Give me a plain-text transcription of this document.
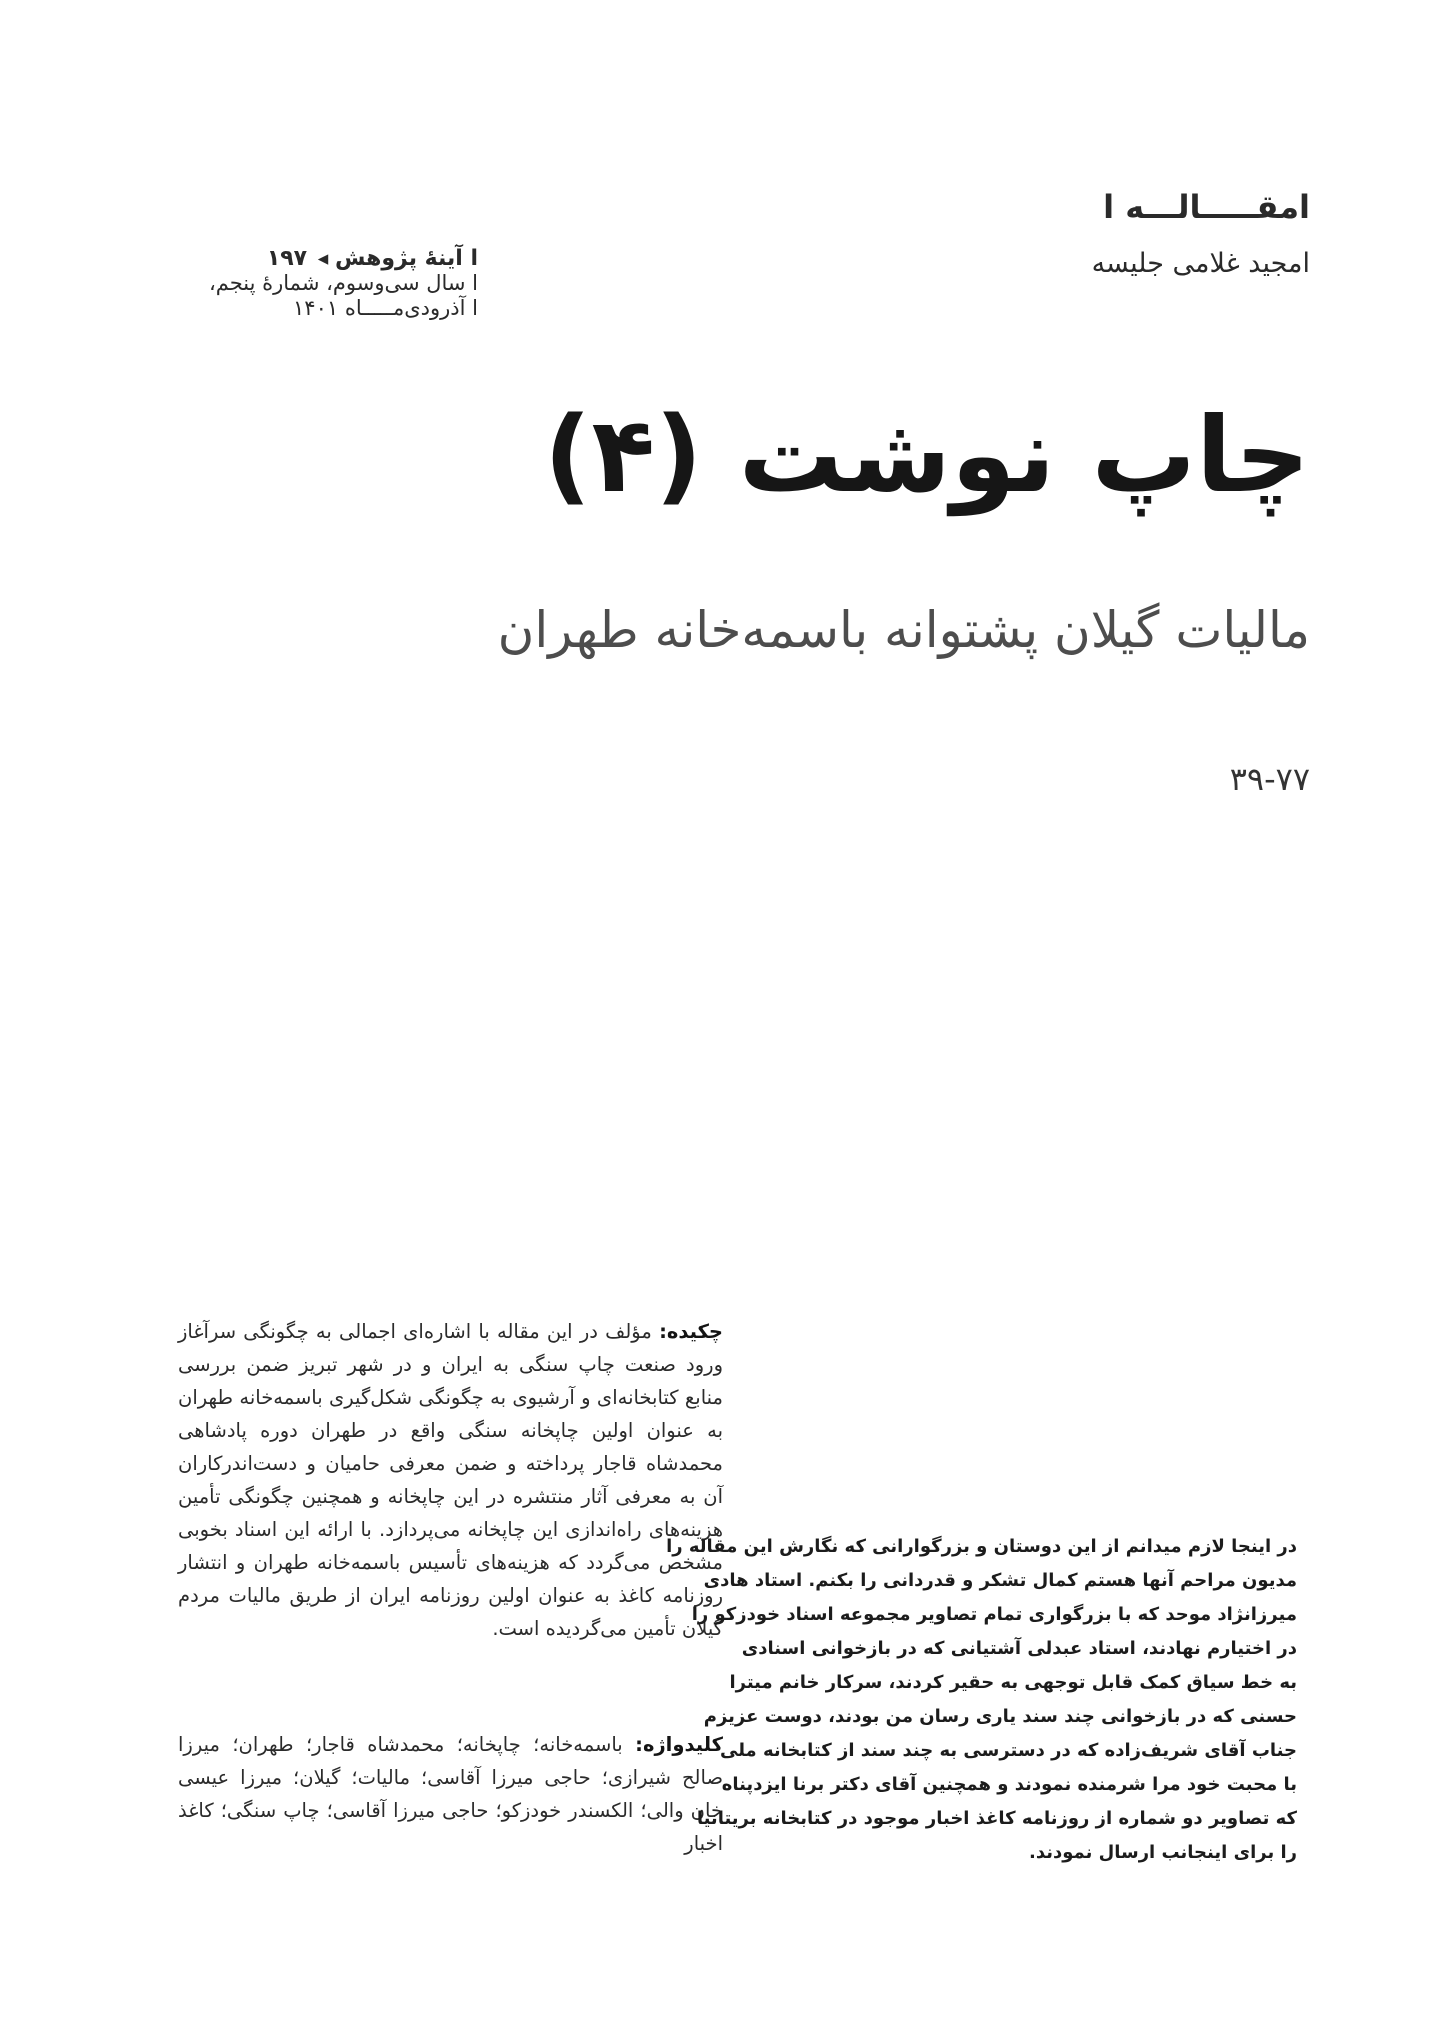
امقـــــالـــه ا
امجید غلامی جلیسه
ا آینهٔ پژوهش ◂ ۱۹۷
ا سال سی‌وسوم، شمارهٔ پنجم،
ا آذرودی‌مـــــاه ۱۴۰۱
چاپ نوشت (۴)
مالیات گیلان پشتوانه باسمه‌خانه طهران
۳۹-۷۷
چکیده: مؤلف در این مقاله با اشاره‌ای اجمالی به چگونگی سرآغاز ورود صنعت چاپ سنگی به ایران و در شهر تبریز ضمن بررسی منابع کتابخانه‌ای و آرشیوی به چگونگی شکل‌گیری باسمه‌خانه طهران به عنوان اولین چاپخانه سنگی واقع در طهران دوره پادشاهی محمدشاه قاجار پرداخته و ضمن معرفی حامیان و دست‌اندرکاران آن به معرفی آثار منتشره در این چاپخانه و همچنین چگونگی تأمین هزینه‌های راه‌اندازی این چاپخانه می‌پردازد. با ارائه این اسناد بخوبی مشخص می‌گردد که هزینه‌های تأسیس باسمه‌خانه طهران و انتشار روزنامه کاغذ به عنوان اولین روزنامه ایران از طریق مالیات مردم گیلان تأمین می‌گردیده است.
کلیدواژه: باسمه‌خانه؛ چاپخانه؛ محمدشاه قاجار؛ طهران؛ میرزا صالح شیرازی؛ حاجی میرزا آقاسی؛ مالیات؛ گیلان؛ میرزا عیسی خان والی؛ الکسندر خودزکو؛ حاجی میرزا آقاسی؛ چاپ سنگی؛ کاغذ اخبار
در اینجا لازم میدانم از این دوستان و بزرگوارانی که نگارش این مقاله را
مدیون مراحم آنها هستم کمال تشکر و قدردانی را بکنم. استاد هادی
میرزانژاد موحد که با بزرگواری تمام تصاویر مجموعه اسناد خودزکو را
در اختیارم نهادند، استاد عبدلی آشتیانی که در بازخوانی اسنادی
به خط سیاق کمک قابل توجهی به حقیر کردند، سرکار خانم میترا
حسنی که در بازخوانی چند سند یاری رسان من بودند، دوست عزیزم
جناب آقای شریف‌زاده که در دسترسی به چند سند از کتابخانه ملی
با محبت خود مرا شرمنده نمودند و همچنین آقای دکتر برنا ایزدپناه
که تصاویر دو شماره از روزنامه کاغذ اخبار موجود در کتابخانه بریتانیا
را برای اینجانب ارسال نمودند.
